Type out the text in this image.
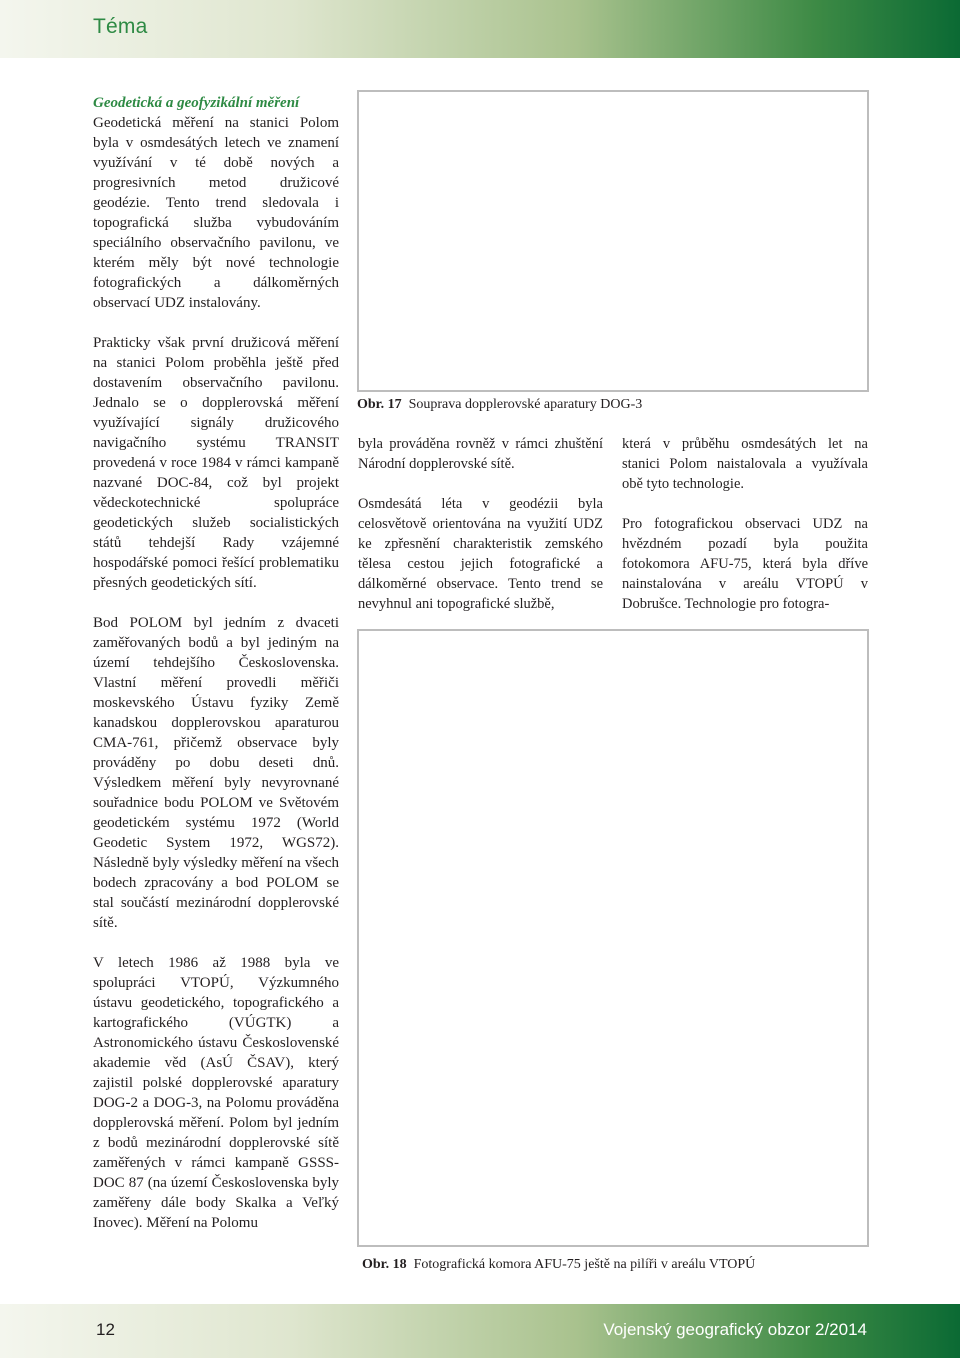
Téma

Geodetická a geofyzikální měření

Geodetická měření na stanici Polom byla v osmdesátých letech ve znamení využívání v té době nových a progresivních metod družicové geodézie. Tento trend sledovala i topografická služba vybudováním speciálního observačního pavilonu, ve kterém měly být nové technologie fotografických a dálkoměrných observací UDZ instalovány.

Prakticky však první družicová měření na stanici Polom proběhla ještě před dostavením observačního pavilonu. Jednalo se o dopplerovská měření využívající signály družicového navigačního systému TRANSIT provedená v roce 1984 v rámci kampaně nazvané DOC-84, což byl projekt vědeckotechnické spolupráce geodetických služeb socialistických států tehdejší Rady vzájemné hospodářské pomoci řešící problematiku přesných geodetických sítí.

Bod POLOM byl jedním z dvaceti zaměřovaných bodů a byl jediným na území tehdejšího Československa. Vlastní měření provedli měřiči moskevského Ústavu fyziky Země kanadskou dopplerovskou aparaturou CMA-761, přičemž observace byly prováděny po dobu deseti dnů. Výsledkem měření byly nevyrovnané souřadnice bodu POLOM ve Světovém geodetickém systému 1972 (World Geodetic System 1972, WGS72). Následně byly výsledky měření na všech bodech zpracovány a bod POLOM se stal součástí mezinárodní dopplerovské sítě.

V letech 1986 až 1988 byla ve spolupráci VTOPÚ, Výzkumného ústavu geodetického, topografického a kartografického (VÚGTK) a Astronomického ústavu Československé akademie věd (AsÚ ČSAV), který zajistil polské dopplerovské aparatury DOG-2 a DOG-3, na Polomu prováděna dopplerovská měření. Polom byl jedním z bodů mezinárodní dopplerovské sítě zaměřených v rámci kampaně GSSS-DOC 87 (na území Československa byly zaměřeny dále body Skalka a Veľký Inovec). Měření na Polomu

Obr. 17 Souprava dopplerovské aparatury DOG-3

byla prováděna rovněž v rámci zhuštění Národní dopplerovské sítě.

Osmdesátá léta v geodézii byla celosvětově orientována na využití UDZ ke zpřesnění charakteristik zemského tělesa cestou jejich fotografické a dálkoměrné observace. Tento trend se nevyhnul ani topografické službě,

která v průběhu osmdesátých let na stanici Polom naistalovala a využívala obě tyto technologie.

Pro fotografickou observaci UDZ na hvězdném pozadí byla použita fotokomora AFU-75, která byla dříve nainstalována v areálu VTOPÚ v Dobrušce. Technologie pro fotogra-

Obr. 18 Fotografická komora AFU-75 ještě na pilíři v areálu VTOPÚ
12	Vojenský geografický obzor 2/2014
